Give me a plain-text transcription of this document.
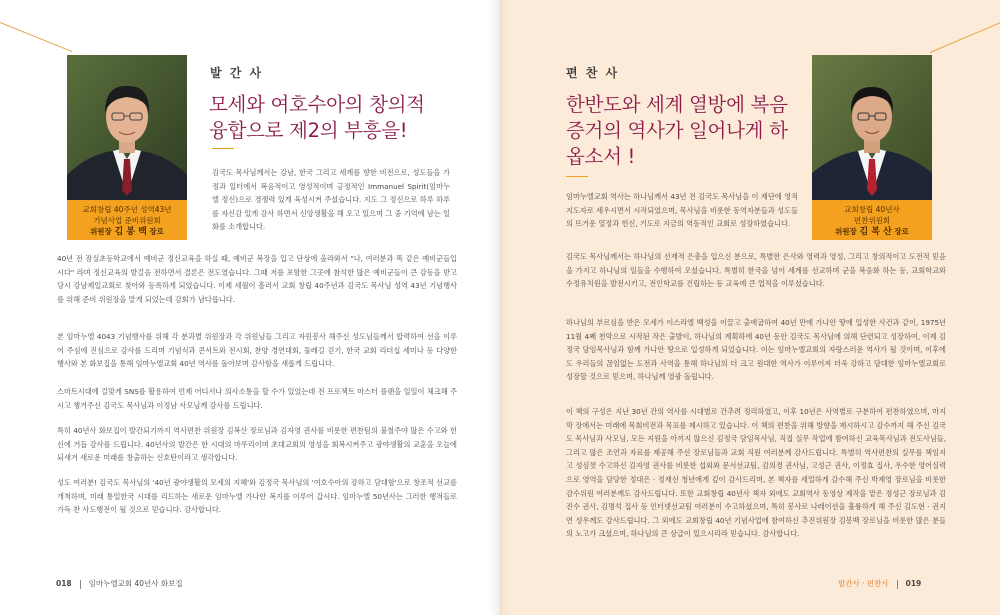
교회창립 40주년 성역43년
기념사업 준비위원회
위원장 김 봉 백 장로
발 간 사
모세와 여호수아의 창의적
융합으로 제2의 부흥을!
김국도 목사님께서는 강남, 한국 그리고 세계를 향한 비전으로, 성도들을 가정과 일터에서 복음적이고 영성적이며 긍정적인 Immanuel Spirit(임마누엘 정신)으로 경쟁력 있게 육성시켜 주셨습니다. 지도 그 정신으로 하루 하루를 자신감 있게 감사 하면서 신앙생활을 해 오고 있으며 그 중 기억에 남는 일화를 소개합니다.
40년 전 잠실초등학교에서 예비군 정신교육을 하실 때, 예비군 복장을 입고 단상에 올라와서 "나, 여러분과 똑 같은 예비군들입시다" 라며 정신교육의 발걸음 전하면서 결론은 전도였습니다. 그때 저를 포함한 그곳에 참석한 많은 예비군들이 큰 감동을 받고 당시 강남제일교회로 찾아와 등록하게 되었습니다. 이제 세월이 흘러서 교회 창립 40주년과 김국도 목사님 성역 43년 기념행사를 위해 준비 위원장을 맡게 되었는데 감회가 남다릅니다.
본 임마누엘 4043 기념행사를 위해 각 분과별 위원장과 각 위원님들 그리고 자원봉사 해주신 성도님들께서 합력하여 선을 이루어 주심에 진심으로 감사를 드리며 기념식과 콘서트와 전시회, 찬양 경연대회, 둘레길 걷기, 한국 교회 리더십 세미나 등 다양한 행사와 본 화보집을 통해 임마누엘교회 40년 역사를 돌아보며 감사함을 새롭게 드립니다.
스마트시대에 걸맞게 SNS를 활용하여 언제 어디서나 의사소통을 할 수가 있었는데 전 프로젝트 마스터 플랜을 일일이 체크해 주시고 챙겨주신 김국도 목사님과 이정남 사모님께 감사를 드립니다.
특히 40년사 화보집이 발간되기까지 역사편찬 위원장 김복산 장로님과 김자영 권사를 비롯한 편찬팀의 불철주야 많은 수고와 헌신에 거듭 감사를 드립니다. 40년사의 발간은 한 시대의 마무리이며 초대교회의 영성을 회복시켜주고 광야생활의 교훈을 오늘에 되새겨 새로운 미래를 창출하는 신호탄이라고 생각합니다.
성도 여러분! 김국도 목사님의 '40년 광야생활의 모세의 지혜'와 김정국 목사님의 '여호수아의 강하고 담대함'으로 창조적 선교를 개척하며, 미래 통일한국 시대를 리드하는 새로운 임마누엘 가나안 복지를 이루어 갑시다. 임마누엘 50년사는 그러한 행적들로 가득 찬 사도행전이 될 것으로 믿습니다. 감사합니다.
018 임마누엘교회 40년사 화보집
편 찬 사
한반도와 세계 열방에 복음
증거의 역사가 일어나게 하
옵소서 !
교회창립 40년사
편찬위원회
위원장 김 복 산 장로
임마누엘교회 역사는 하나님께서 43년 전 김국도 목사님을 이 제단에 영적지도자로 세우시면서 시작되었으며, 목사님을 비롯한 동역자분들과 성도들의 뜨거운 열정과 헌신, 기도로 지금의 역동적인 교회로 성장하였습니다.
김국도 목사님께서는 하나님의 선재적 은총을 입으신 분으로, 특별한 은사와 영력과 영성, 그리고 창의적이고 도전적 믿음을 가지고 하나님의 일들을 수행하여 오셨습니다. 특별히 한국을 넘어 세계를 선교하며 군을 복음화 하는 등, 교회학교와 수정유치원을 발전시키고, 전인학교를 건립하는 등 교육에 큰 업적을 이루셨습니다.
하나님의 부르심을 받은 모세가 이스라엘 백성을 이끌고 출애굽하여 40년 만에 가나안 땅에 입성한 사건과 같이, 1975년 11월 4째 천막으로 시작된 작은 출발이, 하나님의 계획하에 40년 동안 김국도 목사님에 의해 단련되고 성장하여, 이제 김정국 담임목사님과 함께 가나안 땅으로 입성하게 되었습니다. 이는 임마누엘교회의 자랑스러운 역사가 될 것이며, 이후에도 우리들의 끊임없는 도전과 사역을 통해 하나님의 더 크고 원대한 역사가 이루어져 더욱 강하고 담대한 임마누엘교회로 성장할 것으로 믿으며, 하나님께 영광 돌립니다.
이 책의 구성은 지난 30년 간의 역사를 시대별로 간추려 정리하였고, 이후 10년은 사역별로 구분하여 편찬하였으며, 마지막 장에서는 미래에 목회비전과 목표를 제시하고 있습니다. 이 책의 편찬을 위해 방향을 제시하시고 감수까지 해 주신 김국도 목사님과 사모님, 모든 지원을 아끼지 않으신 김정국 담임목사님, 직접 실무 작업에 참여하신 교육목사님과 전도사님들, 그리고 많은 조언과 자료를 제공해 주신 장로님들과 교회 직원 여러분께 감사드립니다. 특별히 역사편찬의 실무를 책임지고 성심껏 수고하신 김자영 권사를 비롯한 섭외와 문서선교팀, 김의경 권사님, 고성근 권사, 이정효 집사, 우수한 영어실력으로 영역을 담당한 정대은 · 정재선 청년에게 깊이 감사드리며, 본 책자를 세밀하게 감수해 주신 박재영 장로님을 비롯한 감수위원 여러분께도 감사드립니다. 또한 교회창립 40년사 책자 외에도 교회역사 동영상 제작을 맡은 정성근 장로님과 김진수 권사, 김명석 집사 등 인터넷선교팀 여러분이 수고하셨으며, 특히 봉사로 나레이션을 훌륭하게 해 주신 김도현 · 권지연 성우께도 감사드립니다. 그 외에도 교회창립 40년 기념사업에 참여하신 추진위원장 김봉백 장로님을 비롯한 많은 분들의 노고가 크셨으며, 하나님의 큰 상급이 있으시리라 믿습니다. 감사합니다.
발간사 · 편찬사 019
